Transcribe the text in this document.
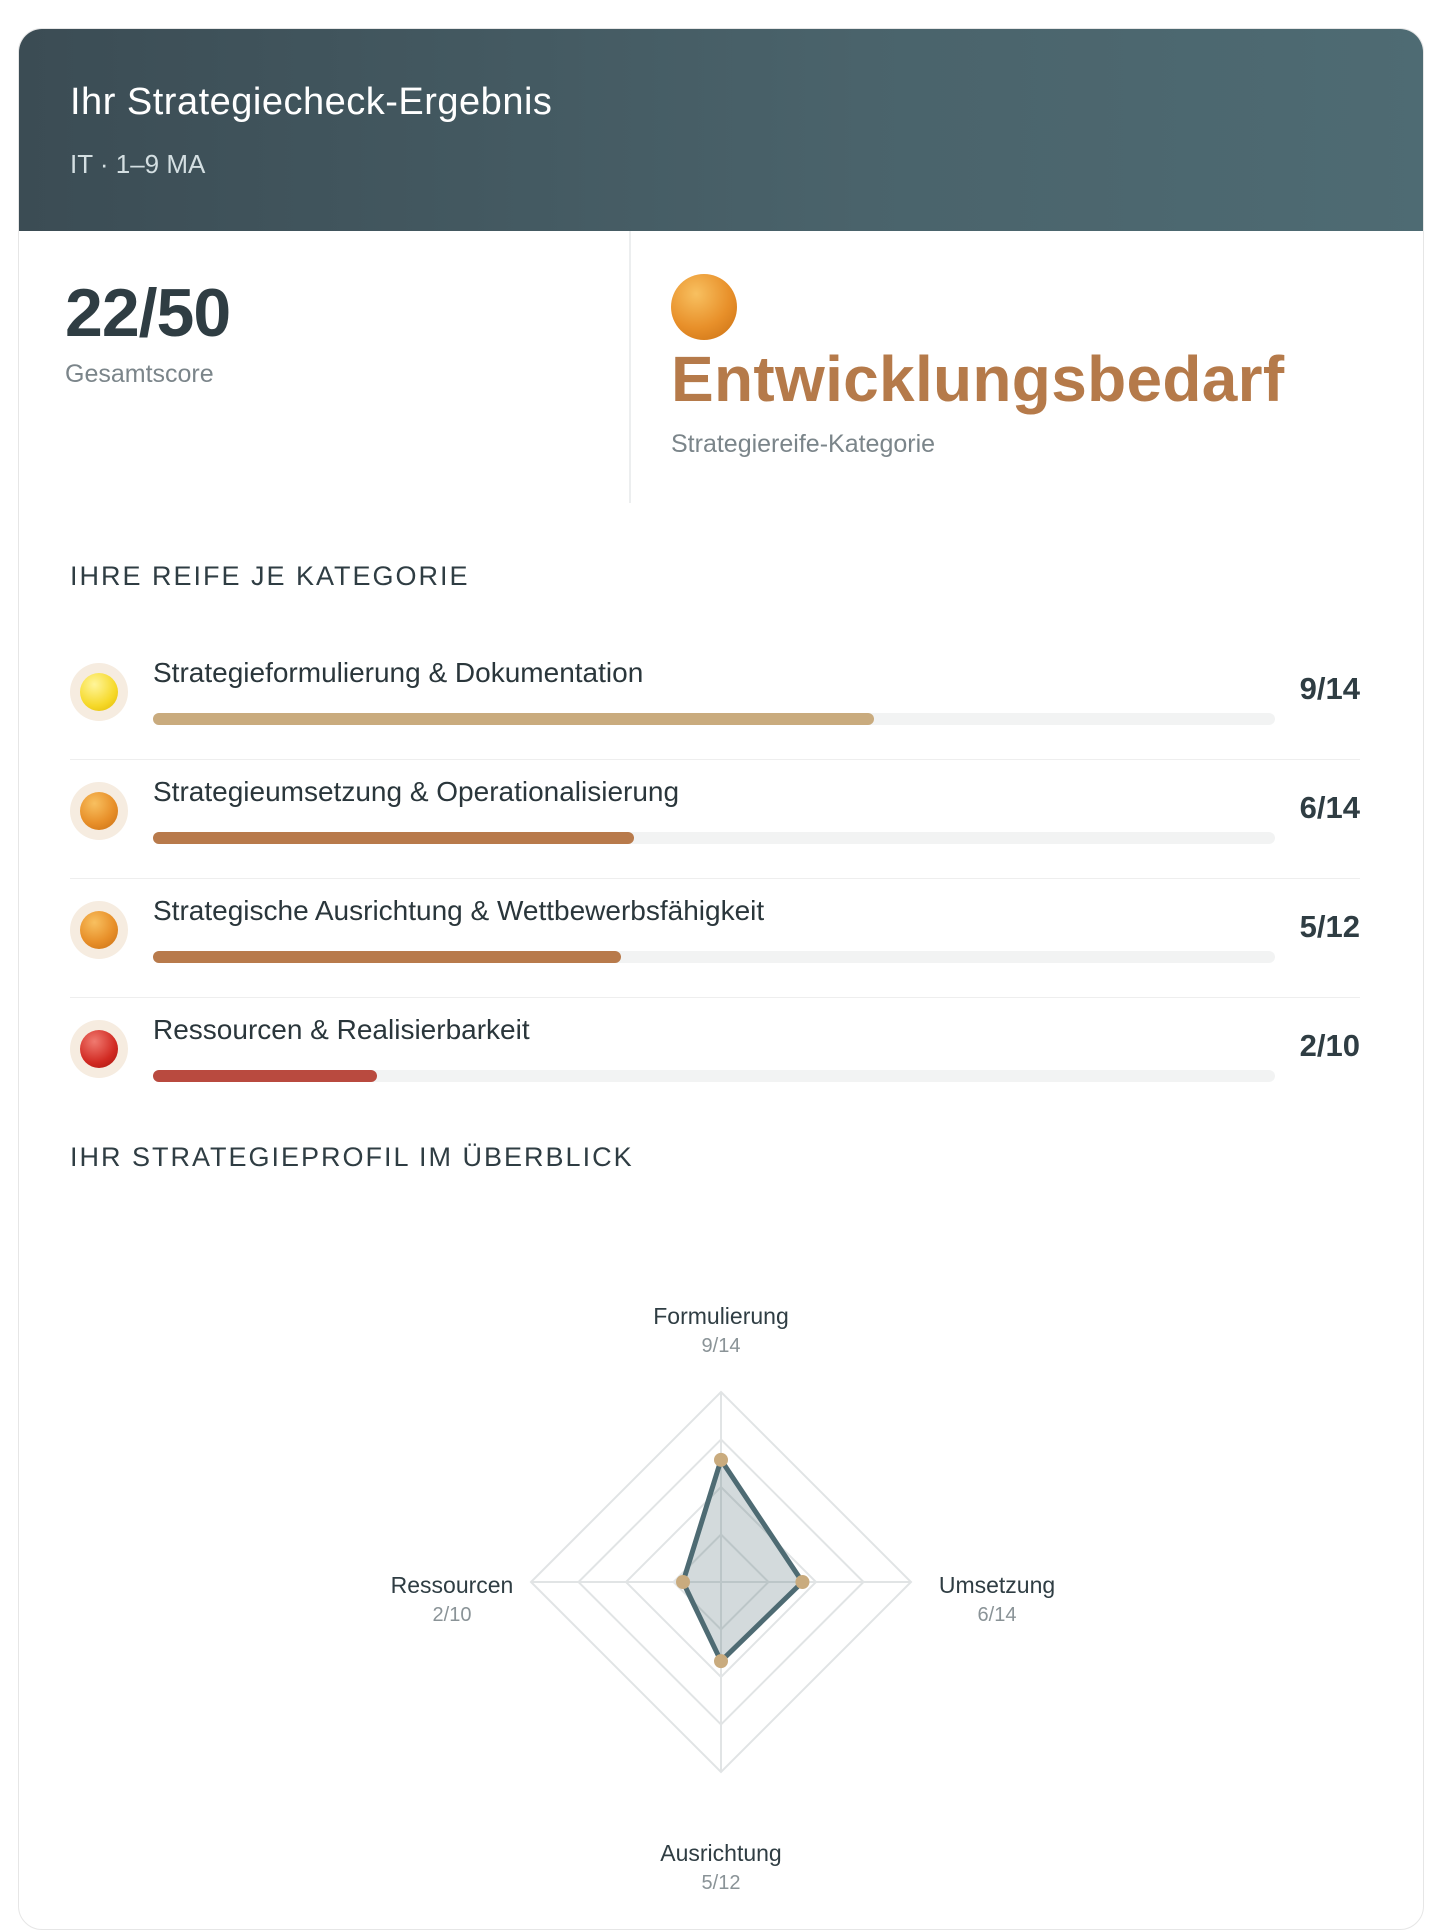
Ihr Strategiecheck-Ergebnis
IT · 1–9 MA
22/50
Gesamtscore	Entwicklungsbedarf
Strategiereife-Kategorie
IHRE REIFE JE KATEGORIE
Strategieformulierung & Dokumentation	9/14
Strategieumsetzung & Operationalisierung	6/14
Strategische Ausrichtung & Wettbewerbsfähigkeit	5/12
Ressourcen & Realisierbarkeit	2/10
IHR STRATEGIEPROFIL IM ÜBERBLICK
Formulierung
9/14
Umsetzung
6/14
Ausrichtung
5/12
Ressourcen
2/10
